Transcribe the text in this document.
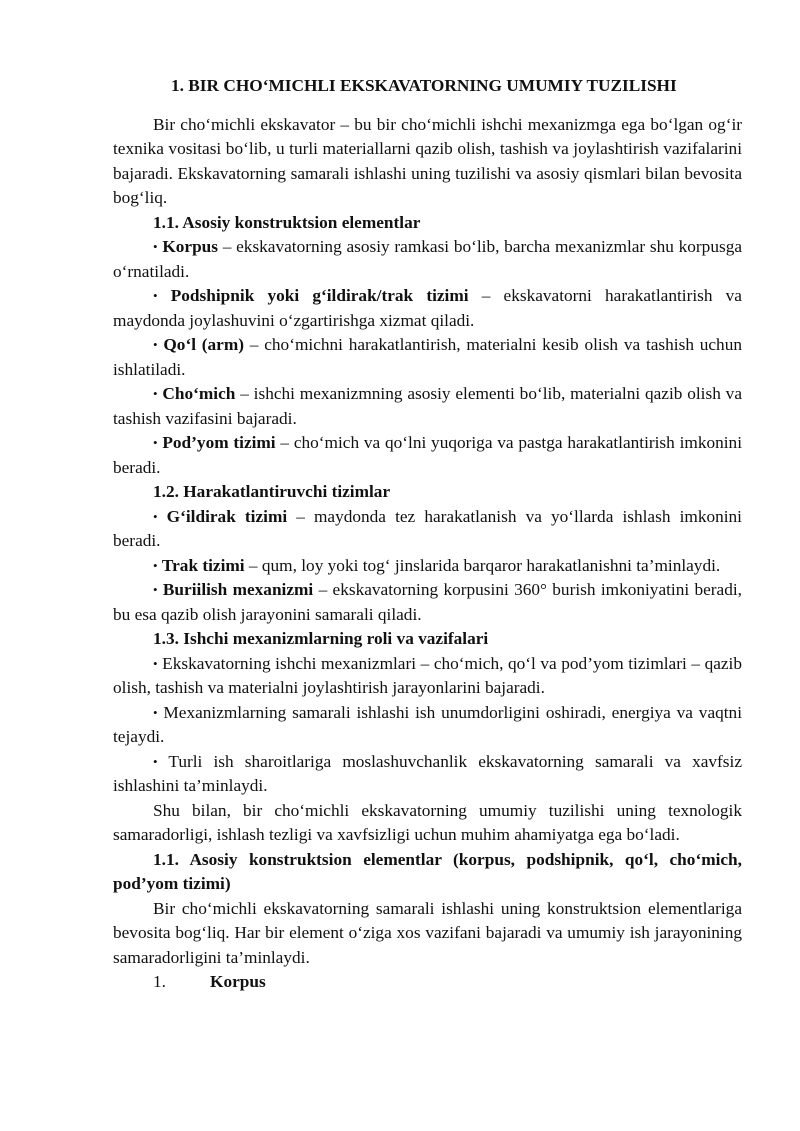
1. BIR CHO‘MICHLI EKSKAVATORNING UMUMIY TUZILISHI

Bir cho‘michli ekskavator – bu bir cho‘michli ishchi mexanizmga ega bo‘lgan og‘ir texnika vositasi bo‘lib, u turli materiallarni qazib olish, tashish va joylashtirish vazifalarini bajaradi. Ekskavatorning samarali ishlashi uning tuzilishi va asosiy qismlari bilan bevosita bog‘liq.

1.1. Asosiy konstruktsion elementlar

• Korpus – ekskavatorning asosiy ramkasi bo‘lib, barcha mexanizmlar shu korpusga o‘rnatiladi.

• Podshipnik yoki g‘ildirak/trak tizimi – ekskavatorni harakatlantirish va maydonda joylashuvini o‘zgartirishga xizmat qiladi.

• Qo‘l (arm) – cho‘michni harakatlantirish, materialni kesib olish va tashish uchun ishlatiladi.

• Cho‘mich – ishchi mexanizmning asosiy elementi bo‘lib, materialni qazib olish va tashish vazifasini bajaradi.

• Pod’yom tizimi – cho‘mich va qo‘lni yuqoriga va pastga harakatlantirish imkonini beradi.

1.2. Harakatlantiruvchi tizimlar

• G‘ildirak tizimi – maydonda tez harakatlanish va yo‘llarda ishlash imkonini beradi.

• Trak tizimi – qum, loy yoki tog‘ jinslarida barqaror harakatlanishni ta’minlaydi.

• Buriilish mexanizmi – ekskavatorning korpusini 360° burish imkoniyatini beradi, bu esa qazib olish jarayonini samarali qiladi.

1.3. Ishchi mexanizmlarning roli va vazifalari

• Ekskavatorning ishchi mexanizmlari – cho‘mich, qo‘l va pod’yom tizimlari – qazib olish, tashish va materialni joylashtirish jarayonlarini bajaradi.

• Mexanizmlarning samarali ishlashi ish unumdorligini oshiradi, energiya va vaqtni tejaydi.

• Turli ish sharoitlariga moslashuvchanlik ekskavatorning samarali va xavfsiz ishlashini ta’minlaydi.

Shu bilan, bir cho‘michli ekskavatorning umumiy tuzilishi uning texnologik samaradorligi, ishlash tezligi va xavfsizligi uchun muhim ahamiyatga ega bo‘ladi.

1.1. Asosiy konstruktsion elementlar (korpus, podshipnik, qo‘l, cho‘mich, pod’yom tizimi)

Bir cho‘michli ekskavatorning samarali ishlashi uning konstruktsion elementlariga bevosita bog‘liq. Har bir element o‘ziga xos vazifani bajaradi va umumiy ish jarayonining samaradorligini ta’minlaydi.

1.	Korpus
